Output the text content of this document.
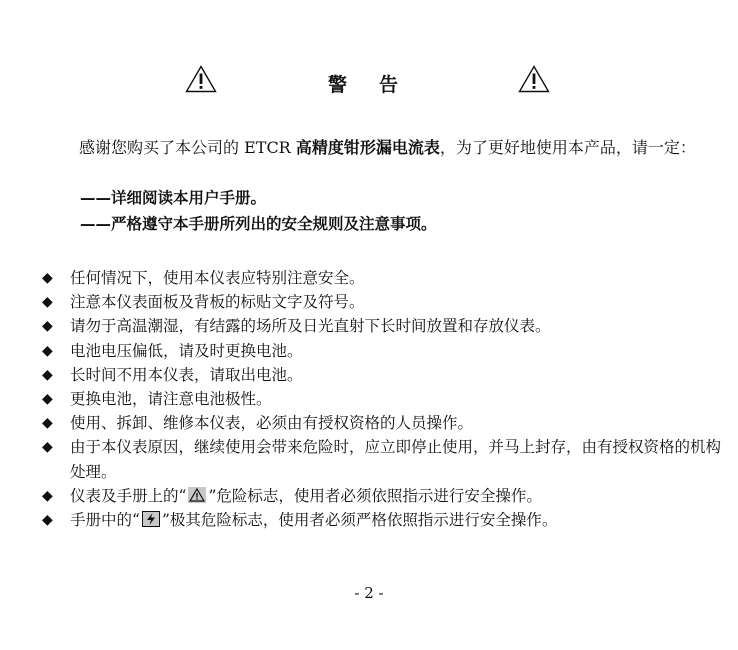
警 告
感谢您购买了本公司的 ETCR 高精度钳形漏电流表，为了更好地使用本产品，请一定：
——详细阅读本用户手册。
——严格遵守本手册所列出的安全规则及注意事项。
◆ 任何情况下，使用本仪表应特别注意安全。
◆ 注意本仪表面板及背板的标贴文字及符号。
◆ 请勿于高温潮湿，有结露的场所及日光直射下长时间放置和存放仪表。
◆ 电池电压偏低，请及时更换电池。
◆ 长时间不用本仪表，请取出电池。
◆ 更换电池，请注意电池极性。
◆ 使用、拆卸、维修本仪表，必须由有授权资格的人员操作。
◆ 由于本仪表原因，继续使用会带来危险时，应立即停止使用，并马上封存，由有授权资格的机构处理。
◆ 仪表及手册上的“ ”危险标志，使用者必须依照指示进行安全操作。
◆ 手册中的“ ”极其危险标志，使用者必须严格依照指示进行安全操作。
- 2 -
